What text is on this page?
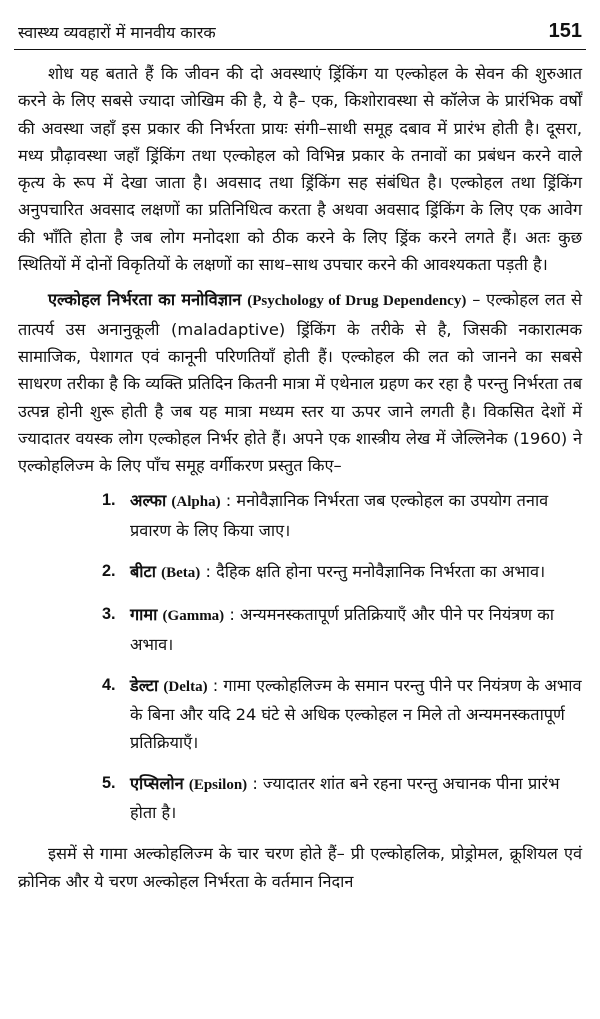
स्वास्थ्य व्यवहारों में मानवीय कारक	151

शोध यह बताते हैं कि जीवन की दो अवस्थाएं ड्रिंकिंग या एल्कोहल के सेवन की शुरुआत करने के लिए सबसे ज्यादा जोखिम की है, ये है– एक, किशोरावस्था से कॉलेज के प्रारंभिक वर्षों की अवस्था जहाँ इस प्रकार की निर्भरता प्रायः संगी–साथी समूह दबाव में प्रारंभ होती है। दूसरा, मध्य प्रौढ़ावस्था जहाँ ड्रिंकिंग तथा एल्कोहल को विभिन्न प्रकार के तनावों का प्रबंधन करने वाले कृत्य के रूप में देखा जाता है। अवसाद तथा ड्रिंकिंग सह संबंधित है। एल्कोहल तथा ड्रिंकिंग अनुपचारित अवसाद लक्षणों का प्रतिनिधित्व करता है अथवा अवसाद ड्रिंकिंग के लिए एक आवेग की भाँति होता है जब लोग मनोदशा को ठीक करने के लिए ड्रिंक करने लगते हैं। अतः कुछ स्थितियों में दोनों विकृतियों के लक्षणों का साथ–साथ उपचार करने की आवश्यकता पड़ती है।

एल्कोहल निर्भरता का मनोविज्ञान (Psychology of Drug Dependency) – एल्कोहल लत से तात्पर्य उस अनानुकूली (maladaptive) ड्रिंकिंग के तरीके से है, जिसकी नकारात्मक सामाजिक, पेशागत एवं कानूनी परिणतियाँ होती हैं। एल्कोहल की लत को जानने का सबसे साधरण तरीका है कि व्यक्ति प्रतिदिन कितनी मात्रा में एथेनाल ग्रहण कर रहा है परन्तु निर्भरता तब उत्पन्न होनी शुरू होती है जब यह मात्रा मध्यम स्तर या ऊपर जाने लगती है। विकसित देशों में ज्यादातर वयस्क लोग एल्कोहल निर्भर होते हैं। अपने एक शास्त्रीय लेख में जेल्लिनेक (1960) ने एल्कोहलिज्म के लिए पाँच समूह वर्गीकरण प्रस्तुत किए–

1. अल्फा (Alpha) : मनोवैज्ञानिक निर्भरता जब एल्कोहल का उपयोग तनाव प्रवारण के लिए किया जाए।
2. बीटा (Beta) : दैहिक क्षति होना परन्तु मनोवैज्ञानिक निर्भरता का अभाव।
3. गामा (Gamma) : अन्यमनस्कतापूर्ण प्रतिक्रियाएँ और पीने पर नियंत्रण का अभाव।
4. डेल्टा (Delta) : गामा एल्कोहलिज्म के समान परन्तु पीने पर नियंत्रण के अभाव के बिना और यदि 24 घंटे से अधिक एल्कोहल न मिले तो अन्यमनस्कतापूर्ण प्रतिक्रियाएँ।
5. एप्सिलोन (Epsilon) : ज्यादातर शांत बने रहना परन्तु अचानक पीना प्रारंभ होता है।

इसमें से गामा अल्कोहलिज्म के चार चरण होते हैं– प्री एल्कोहलिक, प्रोड्रोमल, क्रूशियल एवं क्रोनिक और ये चरण अल्कोहल निर्भरता के वर्तमान निदान
